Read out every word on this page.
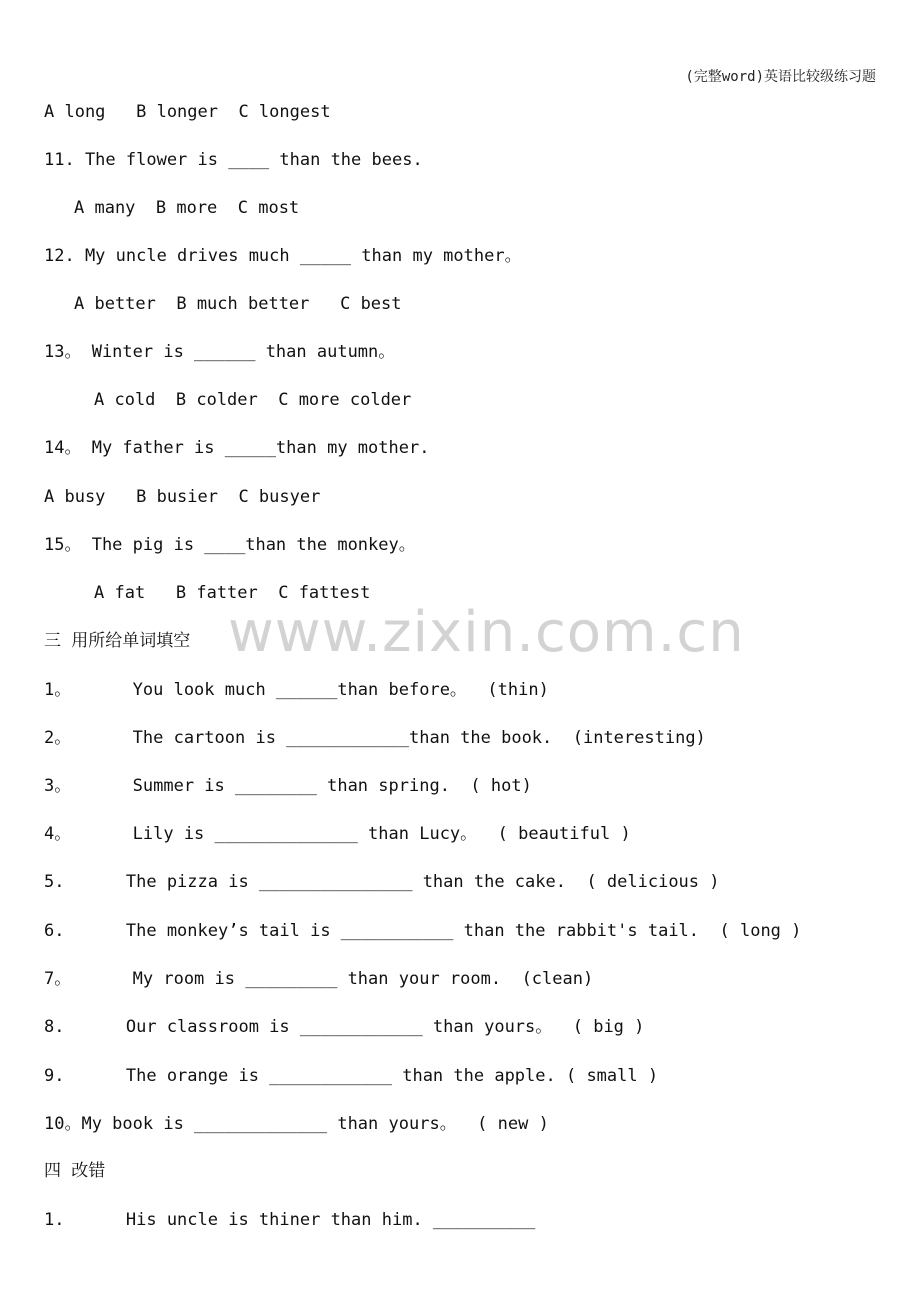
(完整word)英语比较级练习题
www.zixin.com.cn
A long   B longer  C longest
11. The flower is ____ than the bees.
A many  B more  C most
12. My uncle drives much _____ than my mother。
A better  B much better   C best
13。 Winter is ______ than autumn。
A cold  B colder  C more colder
14。 My father is _____than my mother.
A busy   B busier  C busyer
15。 The pig is ____than the monkey。
A fat   B fatter  C fattest
三 用所给单词填空
1。      You look much ______than before。  (thin)
2。      The cartoon is ____________than the book.  (interesting)
3。      Summer is ________ than spring.  ( hot)
4。      Lily is ______________ than Lucy。  ( beautiful )
5.      The pizza is _______________ than the cake.  ( delicious )
6.      The monkey’s tail is ___________ than the rabbit's tail.  ( long )
7。      My room is _________ than your room.  (clean)
8.      Our classroom is ____________ than yours。  ( big )
9.      The orange is ____________ than the apple. ( small )
10。My book is _____________ than yours。  ( new )
四 改错
1.      His uncle is thiner than him. __________
